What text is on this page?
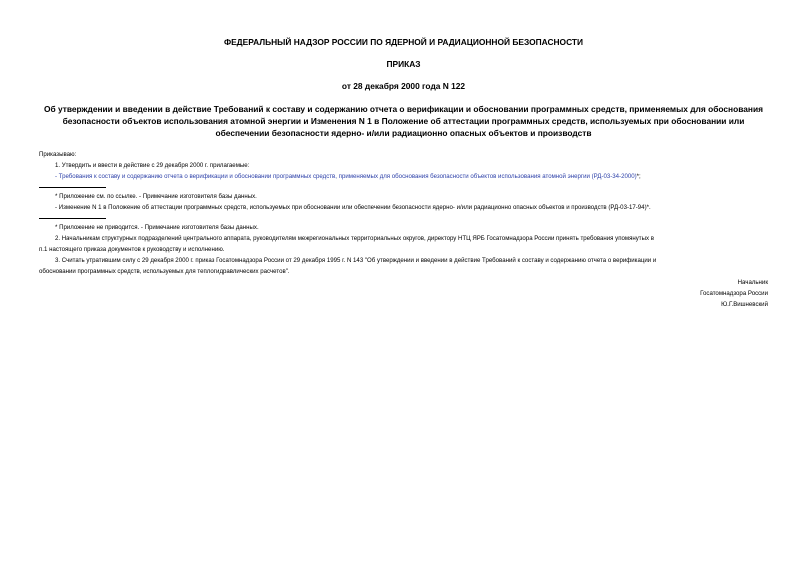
ФЕДЕРАЛЬНЫЙ НАДЗОР РОССИИ ПО ЯДЕРНОЙ И РАДИАЦИОННОЙ БЕЗОПАСНОСТИ
ПРИКАЗ
от 28 декабря 2000 года N 122
Об утверждении и введении в действие Требований к составу и содержанию отчета о верификации и обосновании программных средств, применяемых для обоснования безопасности объектов использования атомной энергии и Изменения N 1 в Положение об аттестации программных средств, используемых при обосновании или обеспечении безопасности ядерно- и/или радиационно опасных объектов и производств
Приказываю:
1. Утвердить и ввести в действие с 29 декабря 2000 г. прилагаемые:
- Требования к составу и содержанию отчета о верификации и обосновании программных средств, применяемых для обоснования безопасности объектов использования атомной энергии (РД-03-34-2000)*;
* Приложение см. по ссылке. - Примечание изготовителя базы данных.
- Изменение N 1 в Положение об аттестации программных средств, используемых при обосновании или обеспечении безопасности ядерно- и/или радиационно опасных объектов и производств (РД-03-17-94)*.
* Приложение не приводится. - Примечание изготовителя базы данных.
2. Начальникам структурных подразделений центрального аппарата, руководителям межрегиональных территориальных округов, директору НТЦ ЯРБ Госатомнадзора России принять требования упомянутых в
п.1 настоящего приказа документов к руководству и исполнению.
3. Считать утратившим силу с 29 декабря 2000 г. приказ Госатомнадзора России от 29 декабря 1995 г. N 143 "Об утверждении и введении в действие Требований к составу и содержанию отчета о верификации и
обосновании программных средств, используемых для теплогидравлических расчетов".
Начальник
Госатомнадзора России
Ю.Г.Вишневский
